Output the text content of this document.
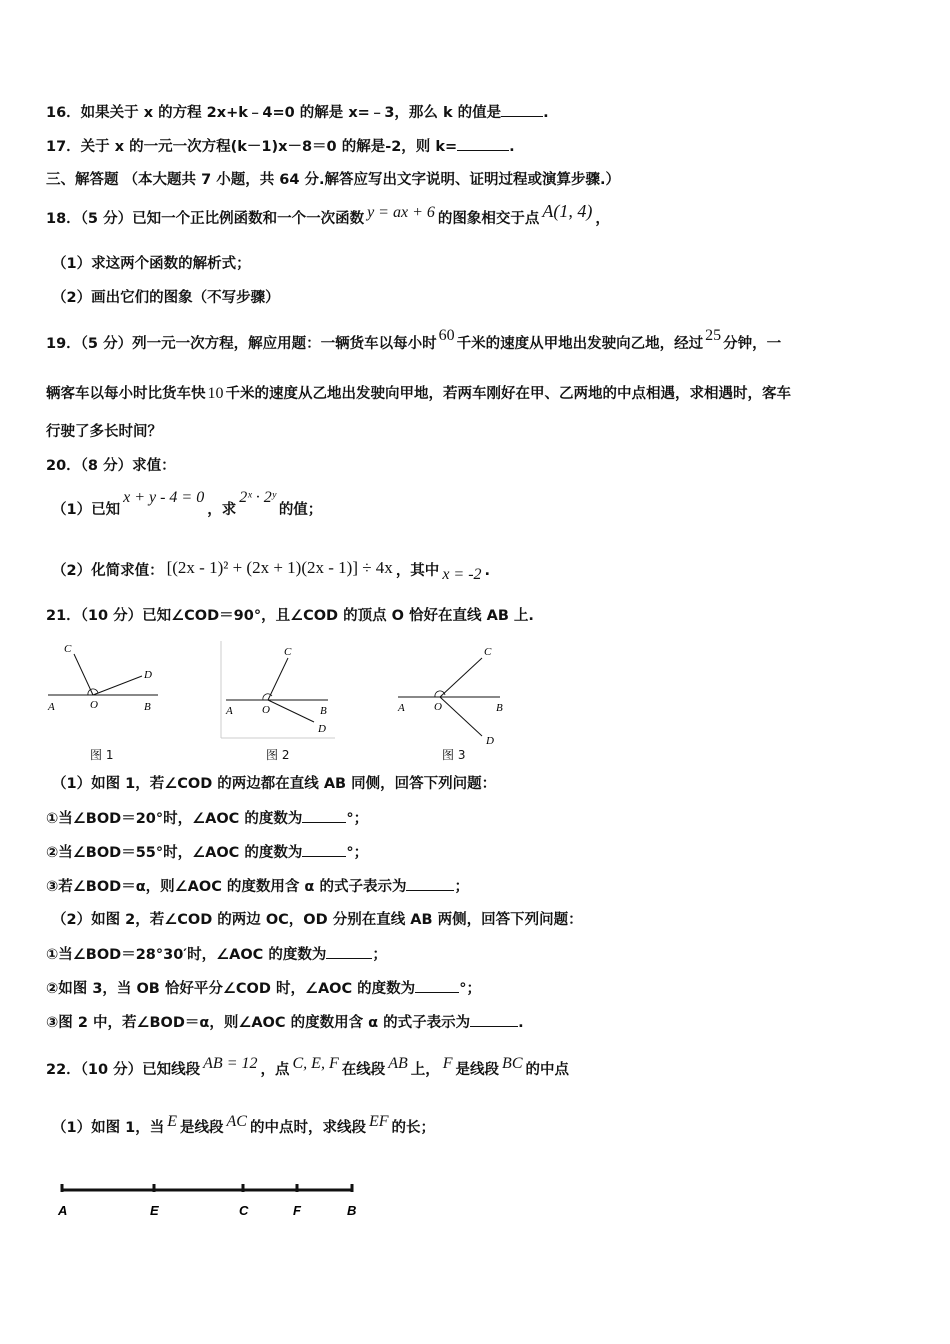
16．如果关于 x 的方程 2x+k﹣4=0 的解是 x=﹣3，那么 k 的值是	.
17．关于 x 的一元一次方程(k－1)x－8＝0 的解是-2，则 k=	.
三、解答题 （本大题共 7 小题，共 64 分.解答应写出文字说明、证明过程或演算步骤.）
18．（5 分）已知一个正比例函数和一个一次函数 y = ax + 6 的图象相交于点 A(1, 4) ，
（1）求这两个函数的解析式；
（2）画出它们的图象（不写步骤）
19．（5 分）列一元一次方程，解应用题：一辆货车以每小时 60 千米的速度从甲地出发驶向乙地，经过 25 分钟，一
辆客车以每小时比货车快 10 千米的速度从乙地出发驶向甲地，若两车刚好在甲、乙两地的中点相遇，求相遇时，客车
行驶了多长时间？
20．（8 分）求值：
（1）已知x + y - 4 = 0，求2ˣ · 2ʸ的值；
（2）化简求值： [(2x - 1)² + (2x + 1)(2x - 1)] ÷ 4x ，其中 x = -2 .
21．（10 分）已知∠COD＝90°，且∠COD 的顶点 O 恰好在直线 AB 上.
A	O	B
C
D
图 1
A	O	B
C
D
图 2
A	O	B
C
D
图 3
（1）如图 1，若∠COD 的两边都在直线 AB 同侧，回答下列问题：
①当∠BOD＝20°时，∠AOC 的度数为	°；
②当∠BOD＝55°时，∠AOC 的度数为	°；
③若∠BOD＝α，则∠AOC 的度数用含 α 的式子表示为	；
（2）如图 2，若∠COD 的两边 OC，OD 分别在直线 AB 两侧，回答下列问题：
①当∠BOD＝28°30′时，∠AOC 的度数为	；
②如图 3，当 OB 恰好平分∠COD 时，∠AOC 的度数为	°；
③图 2 中，若∠BOD＝α，则∠AOC 的度数用含 α 的式子表示为	.
22．（10 分）已知线段 AB = 12 ，点 C, E, F 在线段 AB 上， F 是线段 BC 的中点
（1）如图 1，当 E 是线段 AC 的中点时，求线段 EF 的长；
A	E	C	F	B
